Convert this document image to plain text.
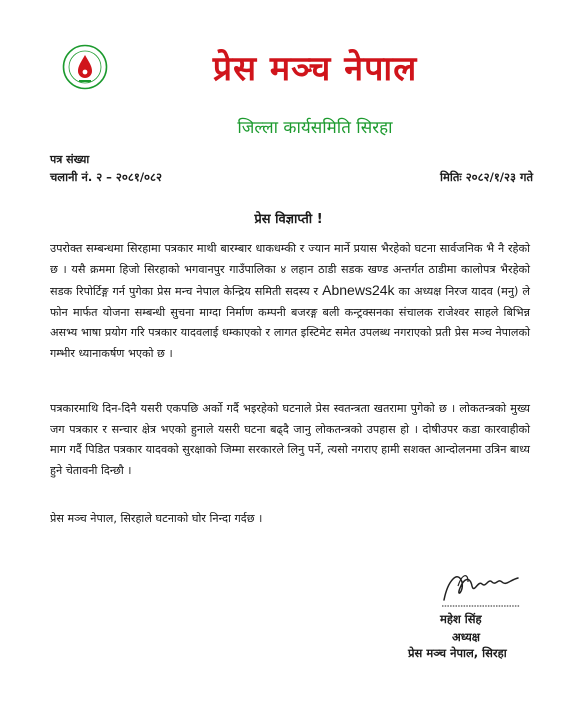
प्रेस मञ्च नेपाल
जिल्ला कार्यसमिति सिरहा
पत्र संख्या
चलानी नं. २ – २०८१/०८२	मितिः २०८२/१/२३ गते
प्रेस विज्ञाप्ती !

उपरोक्त सम्बन्धमा सिरहामा पत्रकार माथी बारम्बार धाकधम्की र ज्यान मार्ने प्रयास भैरहेको घटना सार्वजनिक भै नै रहेको छ । यसै क्रममा हिजो सिरहाको भगवानपुर गाउँपालिका ४ लहान ठाडी सडक खण्ड अन्तर्गत ठाडीमा कालोपत्र भैरहेको सडक रिपोर्टिङ्ग गर्न पुगेका प्रेस मन्च नेपाल केन्द्रिय समिती सदस्य र Abnews24k का अध्यक्ष निरज यादव (मनु) ले फोन मार्फत योजना सम्बन्धी सुचना माग्दा निर्माण कम्पनी बजरङ्ग बली कन्ट्रक्सनका संचालक राजेश्वर साहले बिभिन्न असभ्य भाषा प्रयोग गरि पत्रकार यादवलाई धम्काएको र लागत इस्टिमेट समेत उपलब्ध नगराएको प्रती प्रेस मञ्च नेपालको गम्भीर ध्यानाकर्षण भएको छ ।

पत्रकारमाथि दिन-दिनै यसरी एकपछि अर्को गर्दै भइरहेको घटनाले प्रेस स्वतन्त्रता खतरामा पुगेको छ । लोकतन्त्रको मुख्य जग पत्रकार र सन्चार क्षेत्र भएको हुनाले यसरी घटना बढ्दै जानु लोकतन्त्रको उपहास हो । दोषीउपर कडा कारवाहीको माग गर्दै पिडित पत्रकार यादवको सुरक्षाको जिम्मा सरकारले लिनु पर्ने, त्यसो नगराए हामी सशक्त आन्दोलनमा उत्रिन बाध्य हुने चेतावनी दिन्छौ ।

प्रेस मञ्च नेपाल, सिरहाले घटनाको घोर निन्दा गर्दछ ।

महेश सिंह
अध्यक्ष
प्रेस मञ्च नेपाल, सिरहा
